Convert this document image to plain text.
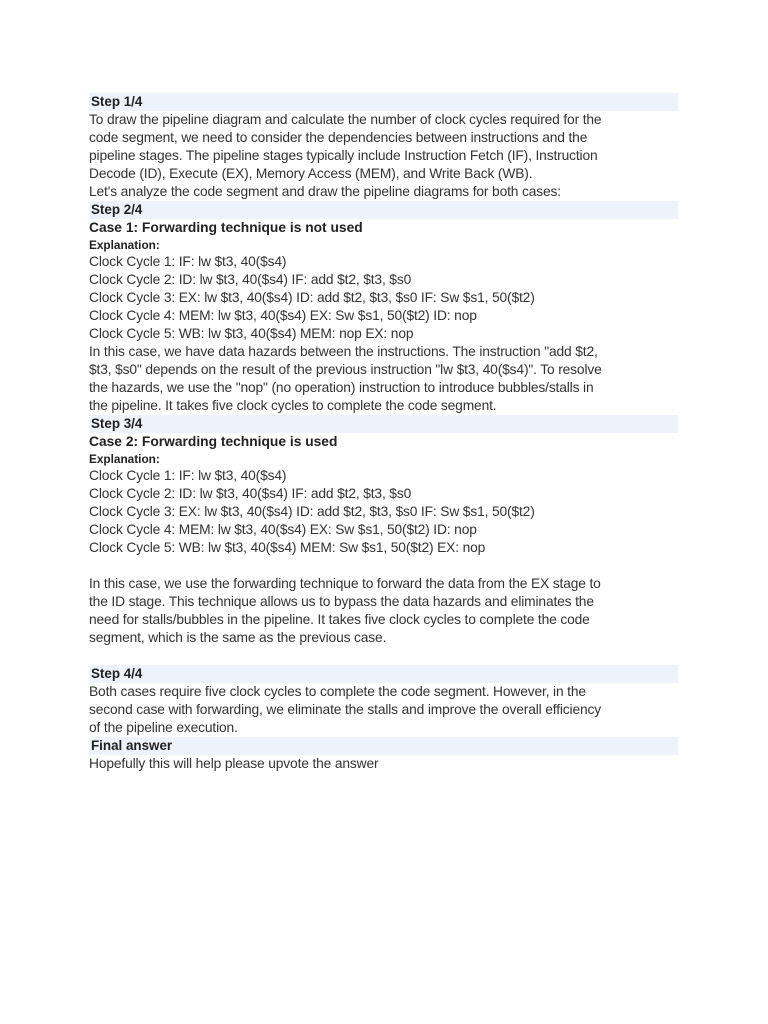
Step 1/4
To draw the pipeline diagram and calculate the number of clock cycles required for the
code segment, we need to consider the dependencies between instructions and the
pipeline stages. The pipeline stages typically include Instruction Fetch (IF), Instruction
Decode (ID), Execute (EX), Memory Access (MEM), and Write Back (WB).
Let's analyze the code segment and draw the pipeline diagrams for both cases:
Step 2/4
Case 1: Forwarding technique is not used
Explanation:
Clock Cycle 1: IF: lw $t3, 40($s4)
Clock Cycle 2: ID: lw $t3, 40($s4) IF: add $t2, $t3, $s0
Clock Cycle 3: EX: lw $t3, 40($s4) ID: add $t2, $t3, $s0 IF: Sw $s1, 50($t2)
Clock Cycle 4: MEM: lw $t3, 40($s4) EX: Sw $s1, 50($t2) ID: nop
Clock Cycle 5: WB: lw $t3, 40($s4) MEM: nop EX: nop
In this case, we have data hazards between the instructions. The instruction "add $t2,
$t3, $s0" depends on the result of the previous instruction "lw $t3, 40($s4)". To resolve
the hazards, we use the "nop" (no operation) instruction to introduce bubbles/stalls in
the pipeline. It takes five clock cycles to complete the code segment.
Step 3/4
Case 2: Forwarding technique is used
Explanation:
Clock Cycle 1: IF: lw $t3, 40($s4)
Clock Cycle 2: ID: lw $t3, 40($s4) IF: add $t2, $t3, $s0
Clock Cycle 3: EX: lw $t3, 40($s4) ID: add $t2, $t3, $s0 IF: Sw $s1, 50($t2)
Clock Cycle 4: MEM: lw $t3, 40($s4) EX: Sw $s1, 50($t2) ID: nop
Clock Cycle 5: WB: lw $t3, 40($s4) MEM: Sw $s1, 50($t2) EX: nop
In this case, we use the forwarding technique to forward the data from the EX stage to
the ID stage. This technique allows us to bypass the data hazards and eliminates the
need for stalls/bubbles in the pipeline. It takes five clock cycles to complete the code
segment, which is the same as the previous case.
Step 4/4
Both cases require five clock cycles to complete the code segment. However, in the
second case with forwarding, we eliminate the stalls and improve the overall efficiency
of the pipeline execution.
Final answer
Hopefully this will help please upvote the answer
